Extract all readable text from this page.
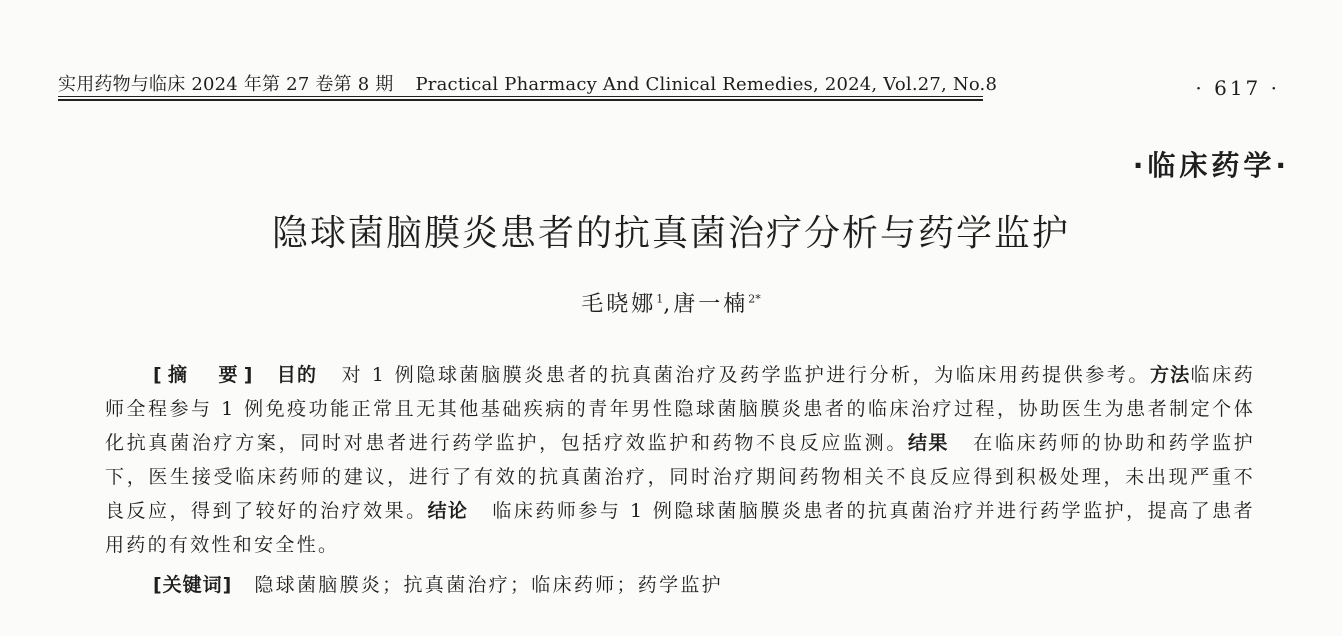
实用药物与临床 2024 年第 27 卷第 8 期 Practical Pharmacy And Clinical Remedies, 2024, Vol.27, No.8	· 617 ·
·临床药学·
隐球菌脑膜炎患者的抗真菌治疗分析与药学监护
毛晓娜$^1$,唐一楠$^{2*}$
[摘　要] 目的 对 1 例隐球菌脑膜炎患者的抗真菌治疗及药学监护进行分析，为临床用药提供参考。方法临床药师全程参与 1 例免疫功能正常且无其他基础疾病的青年男性隐球菌脑膜炎患者的临床治疗过程，协助医生为患者制定个体化抗真菌治疗方案，同时对患者进行药学监护，包括疗效监护和药物不良反应监测。结果 在临床药师的协助和药学监护下，医生接受临床药师的建议，进行了有效的抗真菌治疗，同时治疗期间药物相关不良反应得到积极处理，未出现严重不良反应，得到了较好的治疗效果。结论 临床药师参与 1 例隐球菌脑膜炎患者的抗真菌治疗并进行药学监护，提高了患者用药的有效性和安全性。
[关键词] 隐球菌脑膜炎；抗真菌治疗；临床药师；药学监护
